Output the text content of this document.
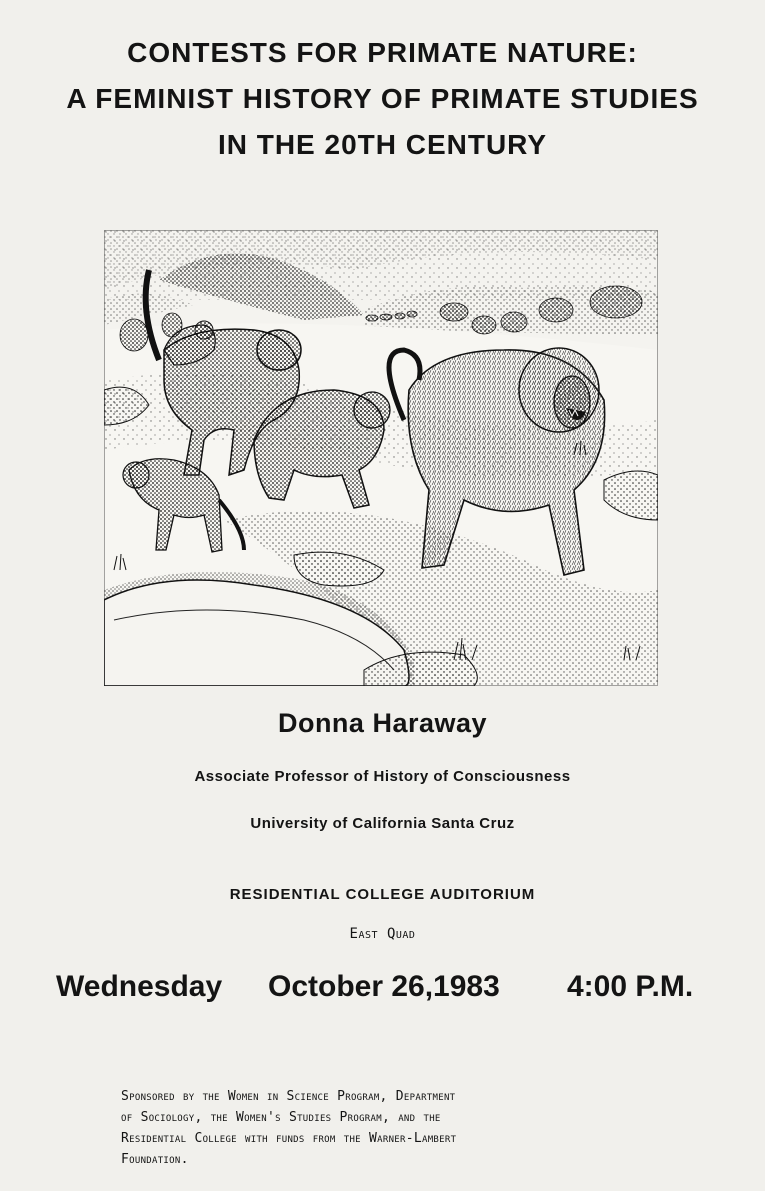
CONTESTS FOR PRIMATE NATURE:
A FEMINIST HISTORY OF PRIMATE STUDIES
IN THE 20TH CENTURY
Donna Haraway
Associate Professor of History of Consciousness
University of California Santa Cruz
RESIDENTIAL COLLEGE AUDITORIUM
East Quad
Wednesday October 26,1983 4:00 P.M.
Sponsored by the Women in Science Program, Department
of Sociology, the Women's Studies Program, and the
Residential College with funds from the Warner-Lambert
Foundation.
